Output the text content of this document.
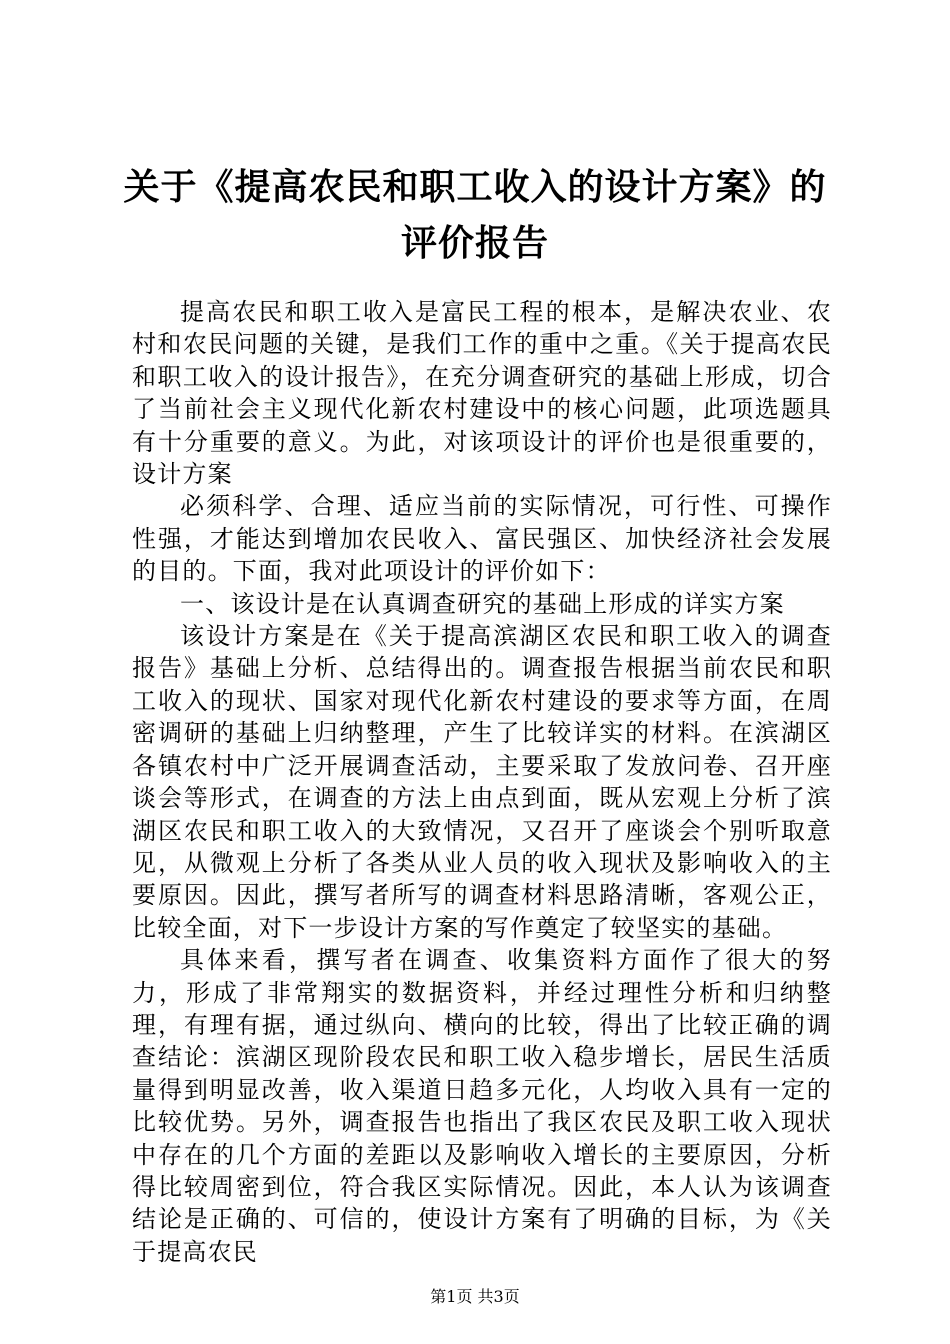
关于《提高农民和职工收入的设计方案》的评价报告

提高农民和职工收入是富民工程的根本，是解决农业、农村和农民问题的关键，是我们工作的重中之重。《关于提高农民和职工收入的设计报告》，在充分调查研究的基础上形成，切合了当前社会主义现代化新农村建设中的核心问题，此项选题具有十分重要的意义。为此，对该项设计的评价也是很重要的，设计方案

必须科学、合理、适应当前的实际情况，可行性、可操作性强，才能达到增加农民收入、富民强区、加快经济社会发展的目的。下面，我对此项设计的评价如下：

一、该设计是在认真调查研究的基础上形成的详实方案

该设计方案是在《关于提高滨湖区农民和职工收入的调查报告》基础上分析、总结得出的。调查报告根据当前农民和职工收入的现状、国家对现代化新农村建设的要求等方面，在周密调研的基础上归纳整理，产生了比较详实的材料。在滨湖区各镇农村中广泛开展调查活动，主要采取了发放问卷、召开座谈会等形式，在调查的方法上由点到面，既从宏观上分析了滨湖区农民和职工收入的大致情况，又召开了座谈会个别听取意见，从微观上分析了各类从业人员的收入现状及影响收入的主要原因。因此，撰写者所写的调查材料思路清晰，客观公正，比较全面，对下一步设计方案的写作奠定了较坚实的基础。

具体来看，撰写者在调查、收集资料方面作了很大的努力，形成了非常翔实的数据资料，并经过理性分析和归纳整理，有理有据，通过纵向、横向的比较，得出了比较正确的调查结论：滨湖区现阶段农民和职工收入稳步增长，居民生活质量得到明显改善，收入渠道日趋多元化，人均收入具有一定的比较优势。另外，调查报告也指出了我区农民及职工收入现状中存在的几个方面的差距以及影响收入增长的主要原因，分析得比较周密到位，符合我区实际情况。因此，本人认为该调查结论是正确的、可信的，使设计方案有了明确的目标，为《关于提高农民

第1页 共3页
